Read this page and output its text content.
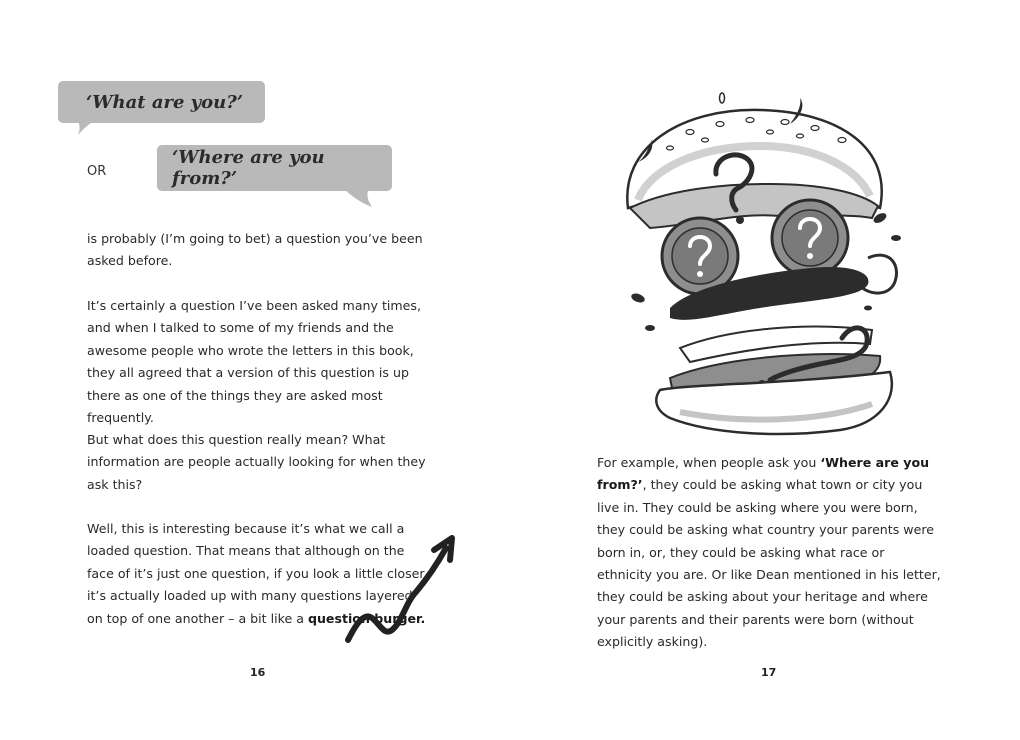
‘What are you?’
OR
‘Where are you from?’

is probably (I’m going to bet) a question you’ve been asked before.

It’s certainly a question I’ve been asked many times, and when I talked to some of my friends and the awesome people who wrote the letters in this book, they all agreed that a version of this question is up there as one of the things they are asked most frequently.

But what does this question really mean? What information are people actually looking for when they ask this?

Well, this is interesting because it’s what we call a loaded question. That means that although on the face of it’s just one question, if you look a little closer it’s actually loaded up with many questions layered on top of one another – a bit like a question burger.

16

For example, when people ask you ‘Where are you from?’, they could be asking what town or city you live in. They could be asking where you were born, they could be asking what country your parents were born in, or, they could be asking what race or ethnicity you are. Or like Dean mentioned in his letter, they could be asking about your heritage and where your parents and their parents were born (without explicitly asking).

17
